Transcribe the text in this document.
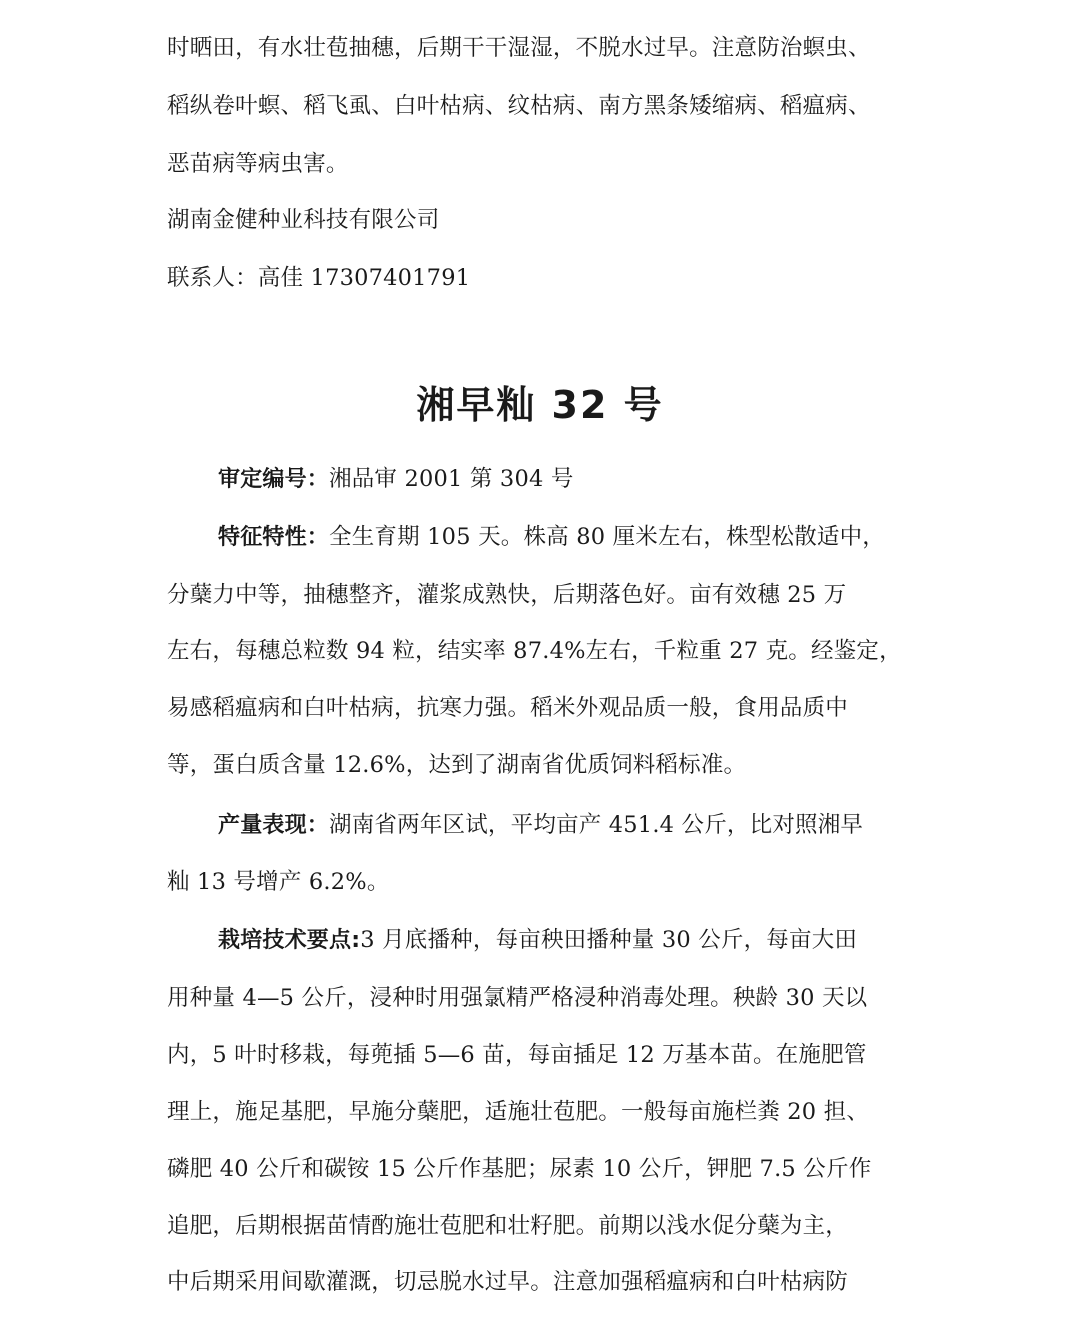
时晒田，有水壮苞抽穗，后期干干湿湿，不脱水过早。注意防治螟虫、
稻纵卷叶螟、稻飞虱、白叶枯病、纹枯病、南方黑条矮缩病、稻瘟病、
恶苗病等病虫害。
湖南金健种业科技有限公司
联系人：高佳 17307401791
湘早籼 32 号
审定编号：湘品审 2001 第 304 号
特征特性：全生育期 105 天。株高 80 厘米左右，株型松散适中，
分蘖力中等，抽穗整齐，灌浆成熟快，后期落色好。亩有效穗 25 万
左右，每穗总粒数 94 粒，结实率 87.4%左右，千粒重 27 克。经鉴定，
易感稻瘟病和白叶枯病，抗寒力强。稻米外观品质一般，食用品质中
等，蛋白质含量 12.6%，达到了湖南省优质饲料稻标准。
产量表现：湖南省两年区试，平均亩产 451.4 公斤，比对照湘早
籼 13 号增产 6.2%。
栽培技术要点:3 月底播种，每亩秧田播种量 30 公斤，每亩大田
用种量 4—5 公斤，浸种时用强氯精严格浸种消毒处理。秧龄 30 天以
内，5 叶时移栽，每蔸插 5—6 苗，每亩插足 12 万基本苗。在施肥管
理上，施足基肥，早施分蘖肥，适施壮苞肥。一般每亩施栏粪 20 担、
磷肥 40 公斤和碳铵 15 公斤作基肥；尿素 10 公斤，钾肥 7.5 公斤作
追肥，后期根据苗情酌施壮苞肥和壮籽肥。前期以浅水促分蘖为主，
中后期采用间歇灌溉，切忌脱水过早。注意加强稻瘟病和白叶枯病防
